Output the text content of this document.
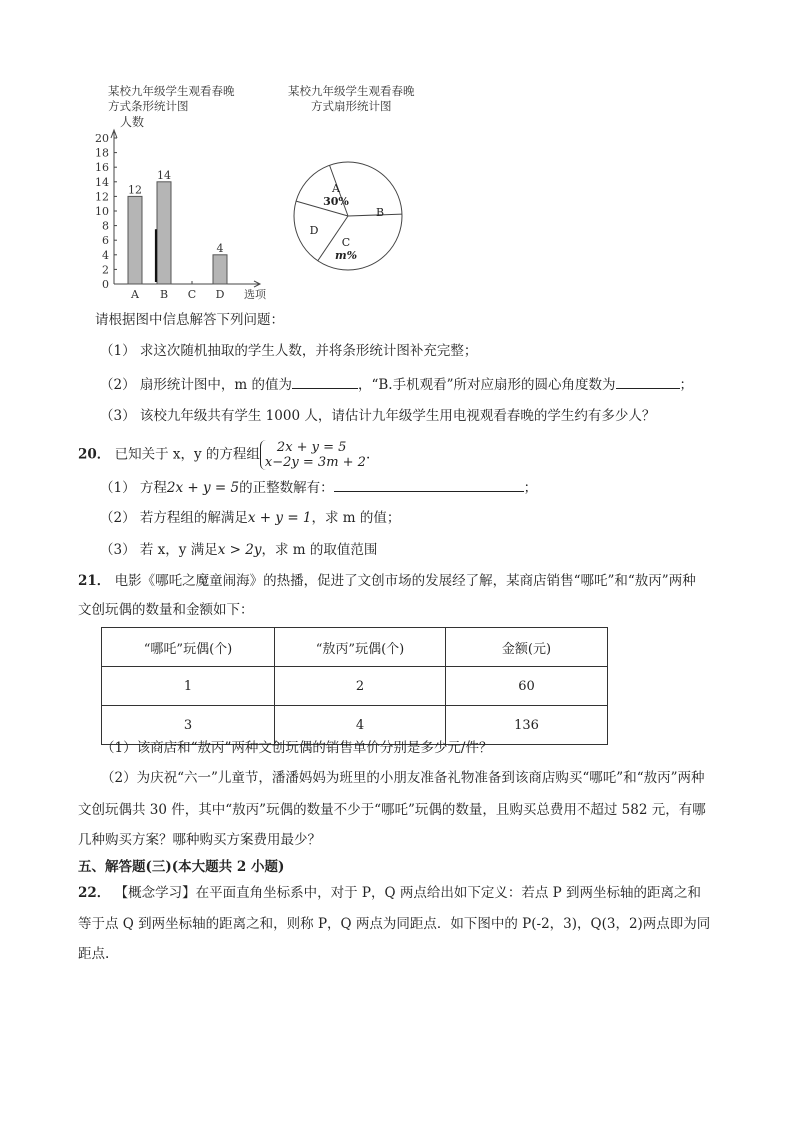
某校九年级学生观看春晚
方式条形统计图
人数
0
2
4
6
8
10
12
14
16
18
20
选项
A
12
B
14
C D
4
某校九年级学生观看春晚
方式扇形统计图
A
30%
B
C
m%
D
请根据图中信息解答下列问题：
（1） 求这次随机抽取的学生人数，并将条形统计图补充完整；
（2） 扇形统计图中，m 的值为	，“B.手机观看”所对应扇形的圆心角度数为	；
（3） 该校九年级共有学生 1000 人，请估计九年级学生用电视观看春晚的学生约有多少人？
20． 已知关于 x，y 的方程组	2x + y = 5
x−2y = 3m + 2 .
（1） 方程2x + y = 5的正整数解有：	；
（2） 若方程组的解满足x + y = 1，求 m 的值；
（3） 若 x，y 满足x > 2y，求 m 的取值范围
21． 电影《哪吒之魔童闹海》的热播，促进了文创市场的发展经了解，某商店销售“哪吒”和“敖丙”两种
文创玩偶的数量和金额如下：
“哪吒”玩偶(个)	“敖丙”玩偶(个)	金额(元)
1	2	60
3	4	136
（1）该商店和“敖丙”两种文创玩偶的销售单价分别是多少元/件？
（2）为庆祝“六一”儿童节，潘潘妈妈为班里的小朋友准备礼物准备到该商店购买“哪吒”和“敖丙”两种
文创玩偶共 30 件，其中“敖丙”玩偶的数量不少于“哪吒”玩偶的数量，且购买总费用不超过 582 元，有哪
几种购买方案？哪种购买方案费用最少？
五、解答题(三)(本大题共 2 小题)
22． 【概念学习】在平面直角坐标系中，对于 P，Q 两点给出如下定义：若点 P 到两坐标轴的距离之和
等于点 Q 到两坐标轴的距离之和，则称 P，Q 两点为同距点．如下图中的 P(-2，3)，Q(3，2)两点即为同
距点.
